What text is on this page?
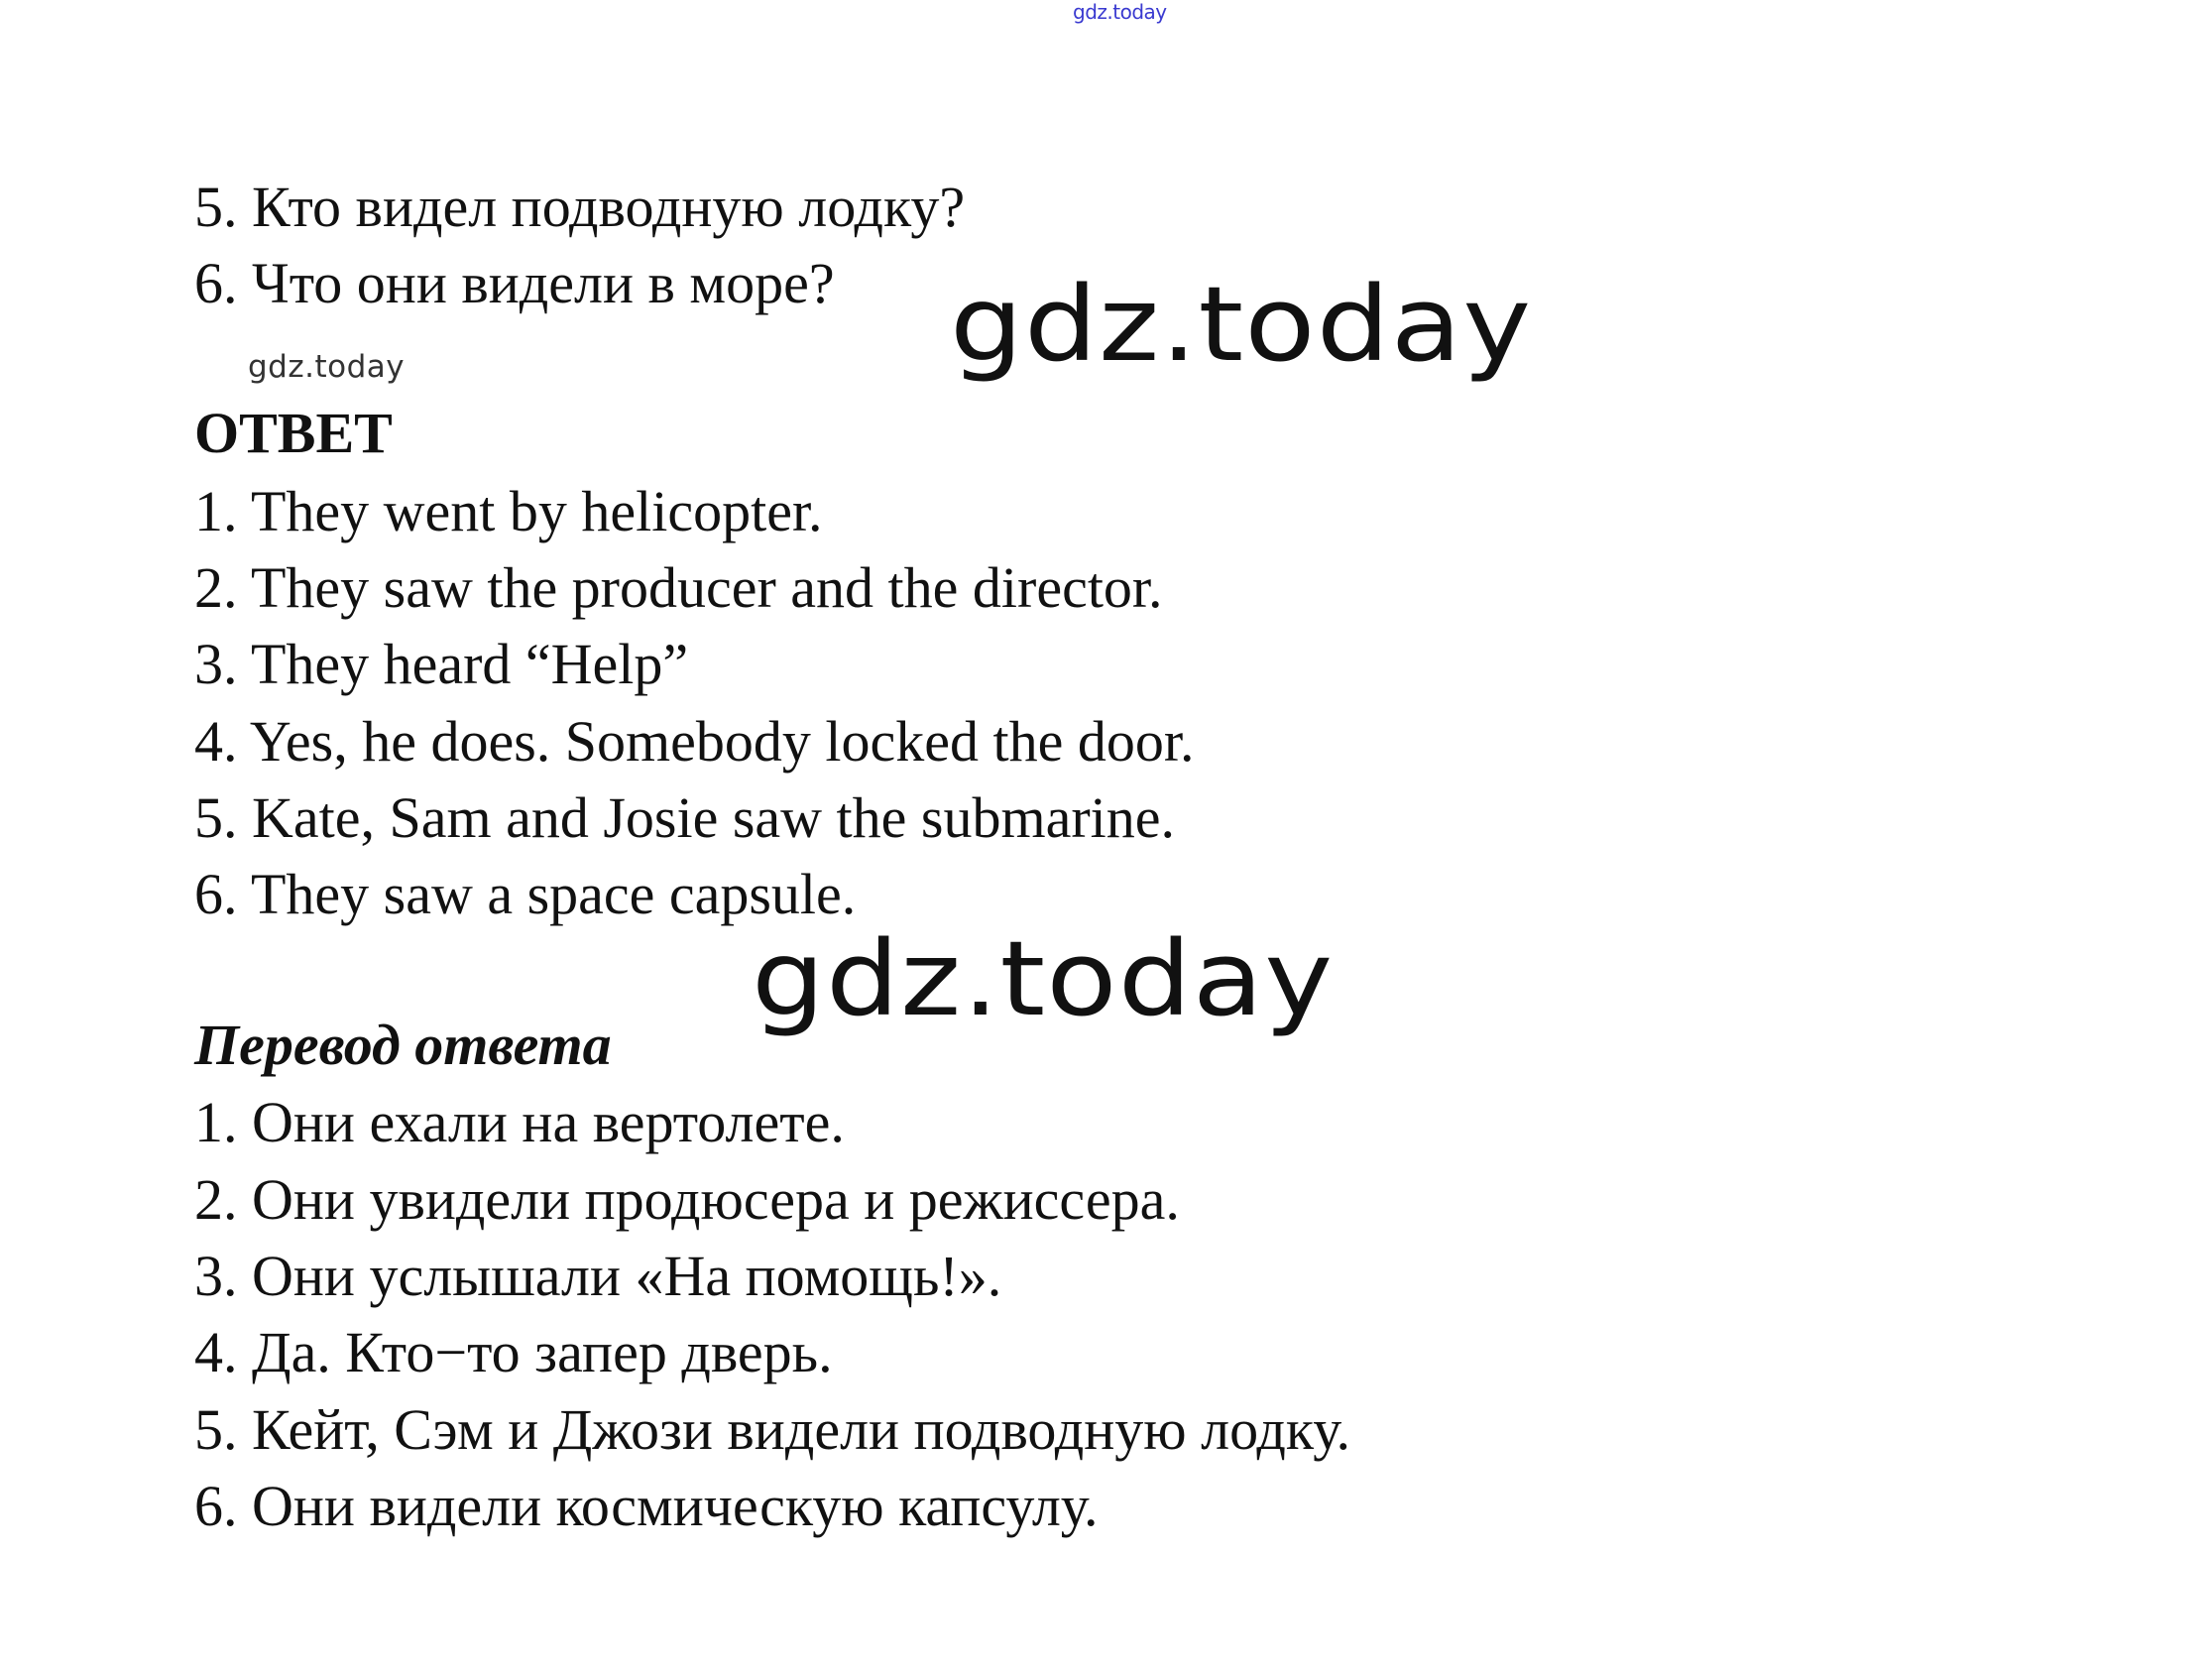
gdz.today
5. Кто видел подводную лодку?
6. Что они видели в море? gdz.today
gdz.today
ОТВЕТ
1. They went by helicopter.
2. They saw the producer and the director.
3. They heard “Help”
4. Yes, he does. Somebody locked the door.
5. Kate, Sam and Josie saw the submarine.
6. They saw a space capsule.
gdz.today
Перевод ответа
1. Они ехали на вертолете.
2. Они увидели продюсера и режиссера.
3. Они услышали «На помощь!».
4. Да. Кто−то запер дверь.
5. Кейт, Сэм и Джози видели подводную лодку.
6. Они видели космическую капсулу.
